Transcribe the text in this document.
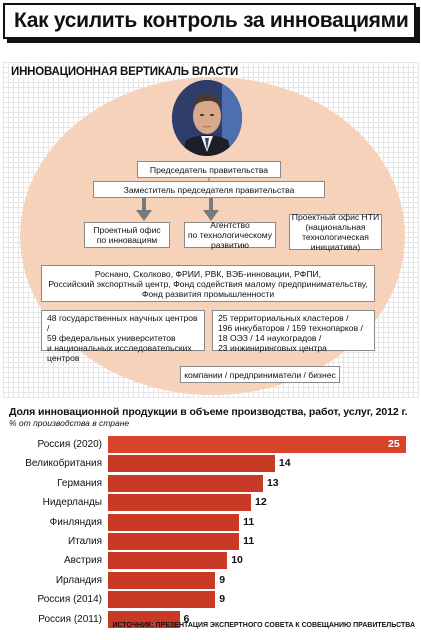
Как усилить контроль за инновациями
ИННОВАЦИОННАЯ ВЕРТИКАЛЬ ВЛАСТИ
Председатель правительства
Заместитель председателя правительства
Проектный офис
по инновациям
Агентство
по технологическому
развитию
Проектный офис НТИ
(национальная
технологическая
инициатива)
Роснано, Сколково, ФРИИ, РВК, ВЭБ-инновации, РФПИ,
Российский экспортный центр, Фонд содействия малому предпринимательству,
Фонд развития промышленности
48 госудaрственных научных центров /
59 федеральных университетов
и национальных исследовательских
центров
25 территориальных кластеров /
196 инкубаторов / 159 технопарков /
18 ОЭЗ / 14 наукоградов /
23 инжиниринговых центра
компании / предприниматели / бизнес
Доля инновационной продукции в объеме производства, работ, услуг, 2012 г.
% от производства в стране
Россия (2020)	25
Великобритания	14
Германия	13
Нидерланды	12
Финляндия	11
Италия	11
Австрия	10
Ирландия	9
Россия (2014)	9
Россия (2011)	6
ИСТОЧНИК: ПРЕЗЕНТАЦИЯ ЭКСПЕРТНОГО СОВЕТА К СОВЕЩАНИЮ ПРАВИТЕЛЬСТВА
